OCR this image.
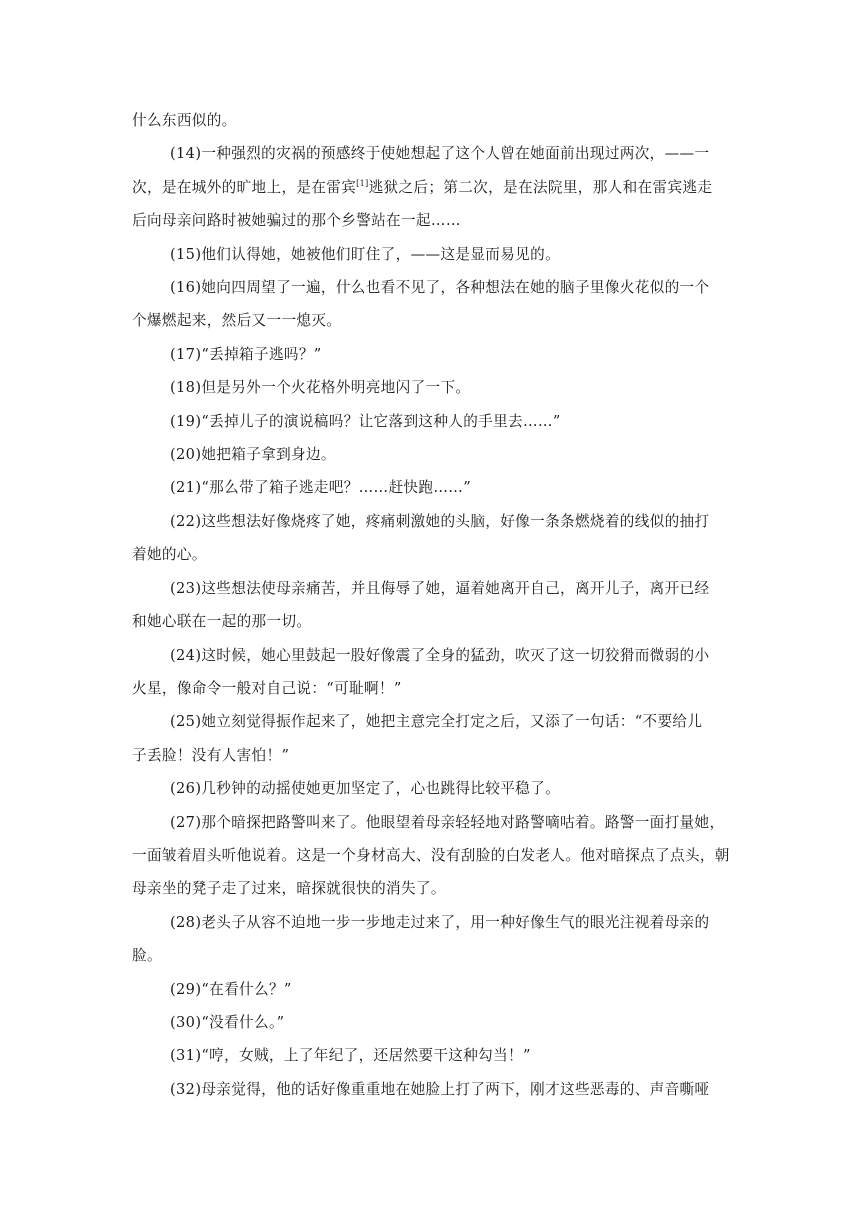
什么东西似的。
(14)一种强烈的灾祸的预感终于使她想起了这个人曾在她面前出现过两次，——一
次，是在城外的旷地上，是在雷宾[1]逃狱之后；第二次，是在法院里，那人和在雷宾逃走
后向母亲问路时被她骗过的那个乡警站在一起……
(15)他们认得她，她被他们盯住了，——这是显而易见的。
(16)她向四周望了一遍，什么也看不见了，各种想法在她的脑子里像火花似的一个
个爆燃起来，然后又一一熄灭。
(17)“丢掉箱子逃吗？”
(18)但是另外一个火花格外明亮地闪了一下。
(19)“丢掉儿子的演说稿吗？让它落到这种人的手里去……”
(20)她把箱子拿到身边。
(21)“那么带了箱子逃走吧？……赶快跑……”
(22)这些想法好像烧疼了她，疼痛刺激她的头脑，好像一条条燃烧着的线似的抽打
着她的心。
(23)这些想法使母亲痛苦，并且侮辱了她，逼着她离开自己，离开儿子，离开已经
和她心联在一起的那一切。
(24)这时候，她心里鼓起一股好像震了全身的猛劲，吹灭了这一切狡猾而微弱的小
火星，像命令一般对自己说：“可耻啊！”
(25)她立刻觉得振作起来了，她把主意完全打定之后，又添了一句话：“不要给儿
子丢脸！没有人害怕！”
(26)几秒钟的动摇使她更加坚定了，心也跳得比较平稳了。
(27)那个暗探把路警叫来了。他眼望着母亲轻轻地对路警嘀咕着。路警一面打量她，
一面皱着眉头听他说着。这是一个身材高大、没有刮脸的白发老人。他对暗探点了点头，朝
母亲坐的凳子走了过来，暗探就很快的消失了。
(28)老头子从容不迫地一步一步地走过来了，用一种好像生气的眼光注视着母亲的
脸。
(29)“在看什么？”
(30)“没看什么。”
(31)“哼，女贼，上了年纪了，还居然要干这种勾当！”
(32)母亲觉得，他的话好像重重地在她脸上打了两下，刚才这些恶毒的、声音嘶哑
